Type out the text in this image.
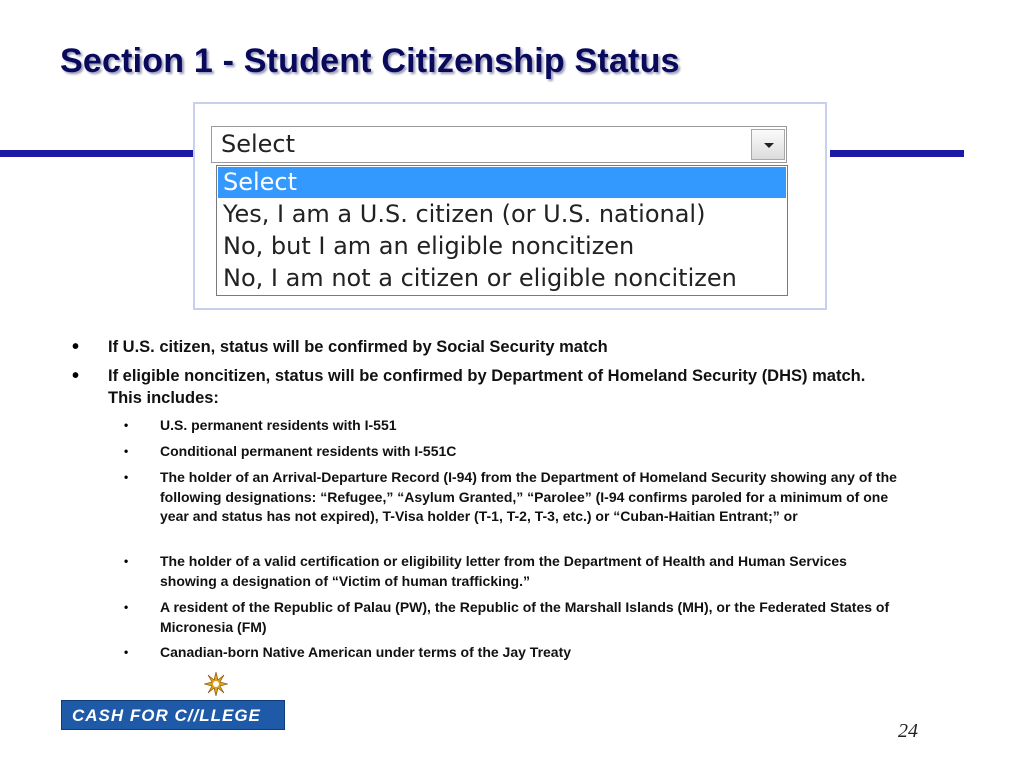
Section 1 - Student Citizenship Status
Select
Select
Yes, I am a U.S. citizen (or U.S. national)
No, but I am an eligible noncitizen
No, I am not a citizen or eligible noncitizen
• If U.S. citizen, status will be confirmed by Social Security match
• If eligible noncitizen, status will be confirmed by Department of Homeland Security (DHS) match. This includes:
• U.S. permanent residents with I-551
• Conditional permanent residents with I-551C
• The holder of an Arrival-Departure Record (I-94) from the Department of Homeland Security showing any of the following designations: “Refugee,” “Asylum Granted,” “Parolee” (I-94 confirms paroled for a minimum of one year and status has not expired), T-Visa holder (T-1, T-2, T-3, etc.) or “Cuban-Haitian Entrant;” or
• The holder of a valid certification or eligibility letter from the Department of Health and Human Services showing a designation of “Victim of human trafficking.”
• A resident of the Republic of Palau (PW), the Republic of the Marshall Islands (MH), or the Federated States of Micronesia (FM)
• Canadian-born Native American under terms of the Jay Treaty
CASH FOR C//LLEGE
24
